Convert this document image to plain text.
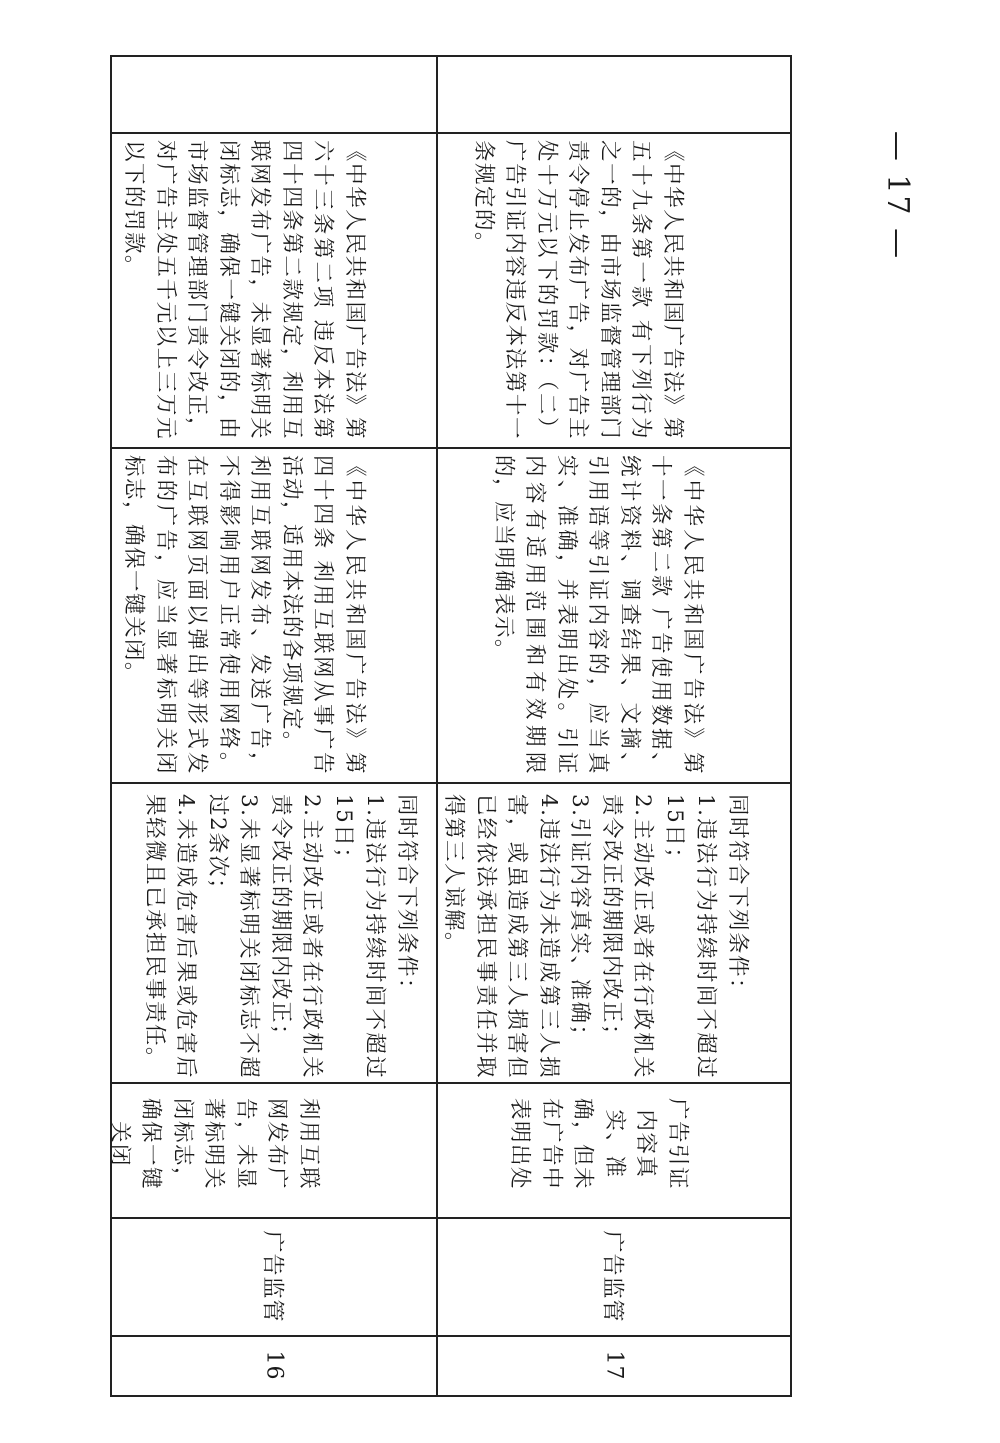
— 17 —
16
广告监管
利用互联网发布广告，未显著标明关闭标志，确保一键关闭
同时符合下列条件：
1.违法行为持续时间不超过15日；
2.主动改正或者在行政机关责令改正的期限内改正；
3.未显著标明关闭标志不超过2条次；
4.未造成危害后果或危害后果轻微且已承担民事责任。
《中华人民共和国广告法》第四十四条 利用互联网从事广告活动，适用本法的各项规定。
利用互联网发布、发送广告，不得影响用户正常使用网络。在互联网页面以弹出等形式发布的广告，应当显著标明关闭标志，确保一键关闭。
《中华人民共和国广告法》第六十三条第二项 违反本法第四十四条第二款规定，利用互联网发布广告，未显著标明关闭标志，确保一键关闭的，由市场监督管理部门责令改正，对广告主处五千元以上三万元以下的罚款。
17
广告监管
广告引证内容真实、准确，但未在广告中表明出处
同时符合下列条件：
1.违法行为持续时间不超过15日；
2.主动改正或者在行政机关责令改正的期限内改正；
3.引证内容真实、准确；
4.违法行为未造成第三人损害，或虽造成第三人损害但已经依法承担民事责任并取得第三人谅解。
《中华人民共和国广告法》第十一条第二款 广告使用数据、统计资料、调查结果、文摘、引用语等引证内容的，应当真实、准确，并表明出处。引证内容有适用范围和有效期限的，应当明确表示。
《中华人民共和国广告法》第五十九条第一款 有下列行为之一的，由市场监督管理部门责令停止发布广告，对广告主处十万元以下的罚款：（二）广告引证内容违反本法第十一条规定的。
